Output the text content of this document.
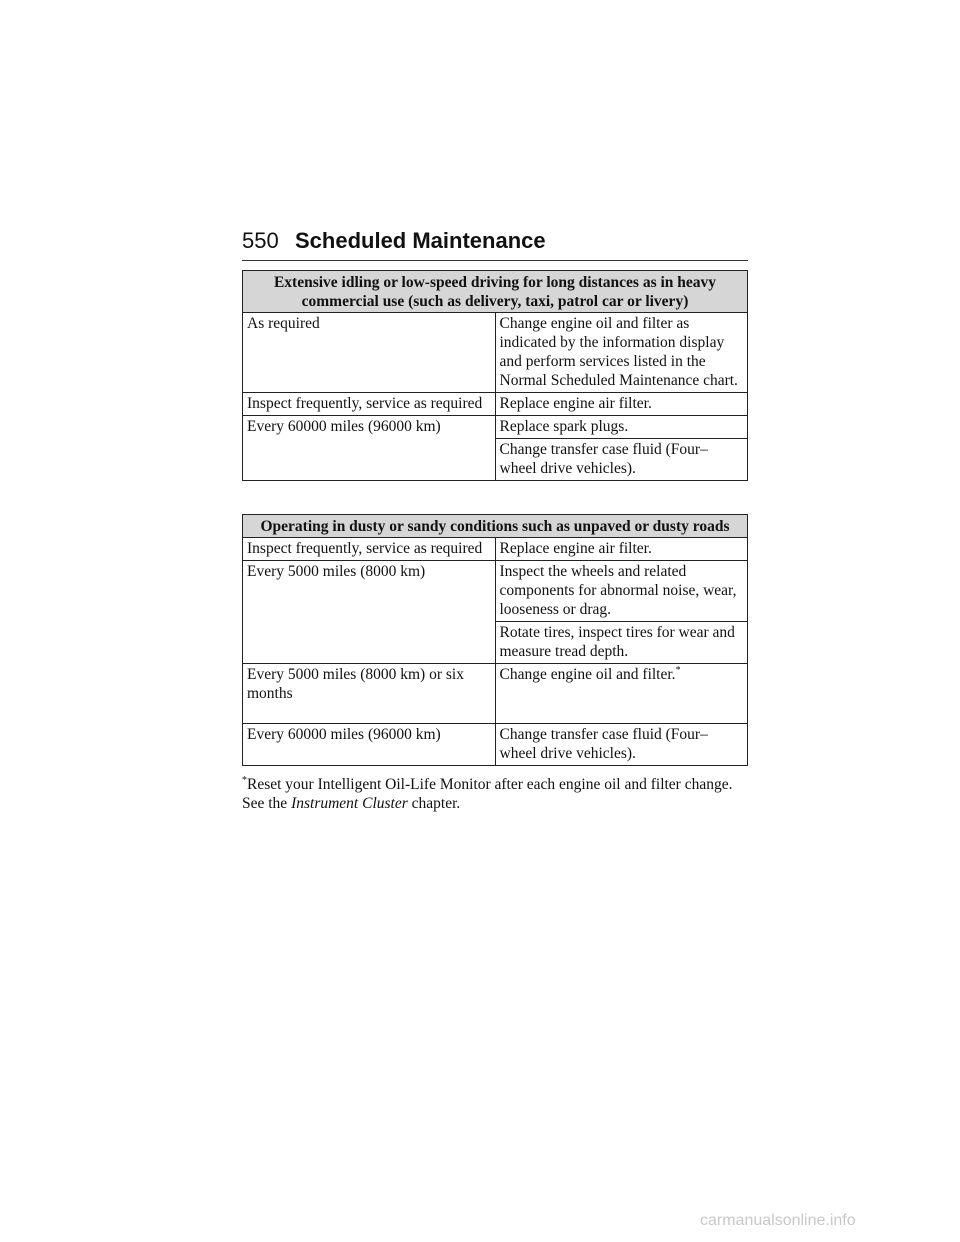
550 Scheduled Maintenance
Extensive idling or low-speed driving for long distances as in heavy commercial use (such as delivery, taxi, patrol car or livery)	
As required	Change engine oil and filter as indicated by the information display and perform services listed in the Normal Scheduled Maintenance chart.
Inspect frequently, service as required	Replace engine air filter.
Every 60000 miles (96000 km)	Replace spark plugs.
	Change transfer case fluid (Four–wheel drive vehicles).
Operating in dusty or sandy conditions such as unpaved or dusty roads	
Inspect frequently, service as required	Replace engine air filter.
Every 5000 miles (8000 km)	Inspect the wheels and related components for abnormal noise, wear, looseness or drag.
	Rotate tires, inspect tires for wear and measure tread depth.
Every 5000 miles (8000 km) or six months	Change engine oil and filter.*
Every 60000 miles (96000 km)	Change transfer case fluid (Four–wheel drive vehicles).
*Reset your Intelligent Oil-Life Monitor after each engine oil and filter change. See the Instrument Cluster chapter.
carmanualsonline.info
